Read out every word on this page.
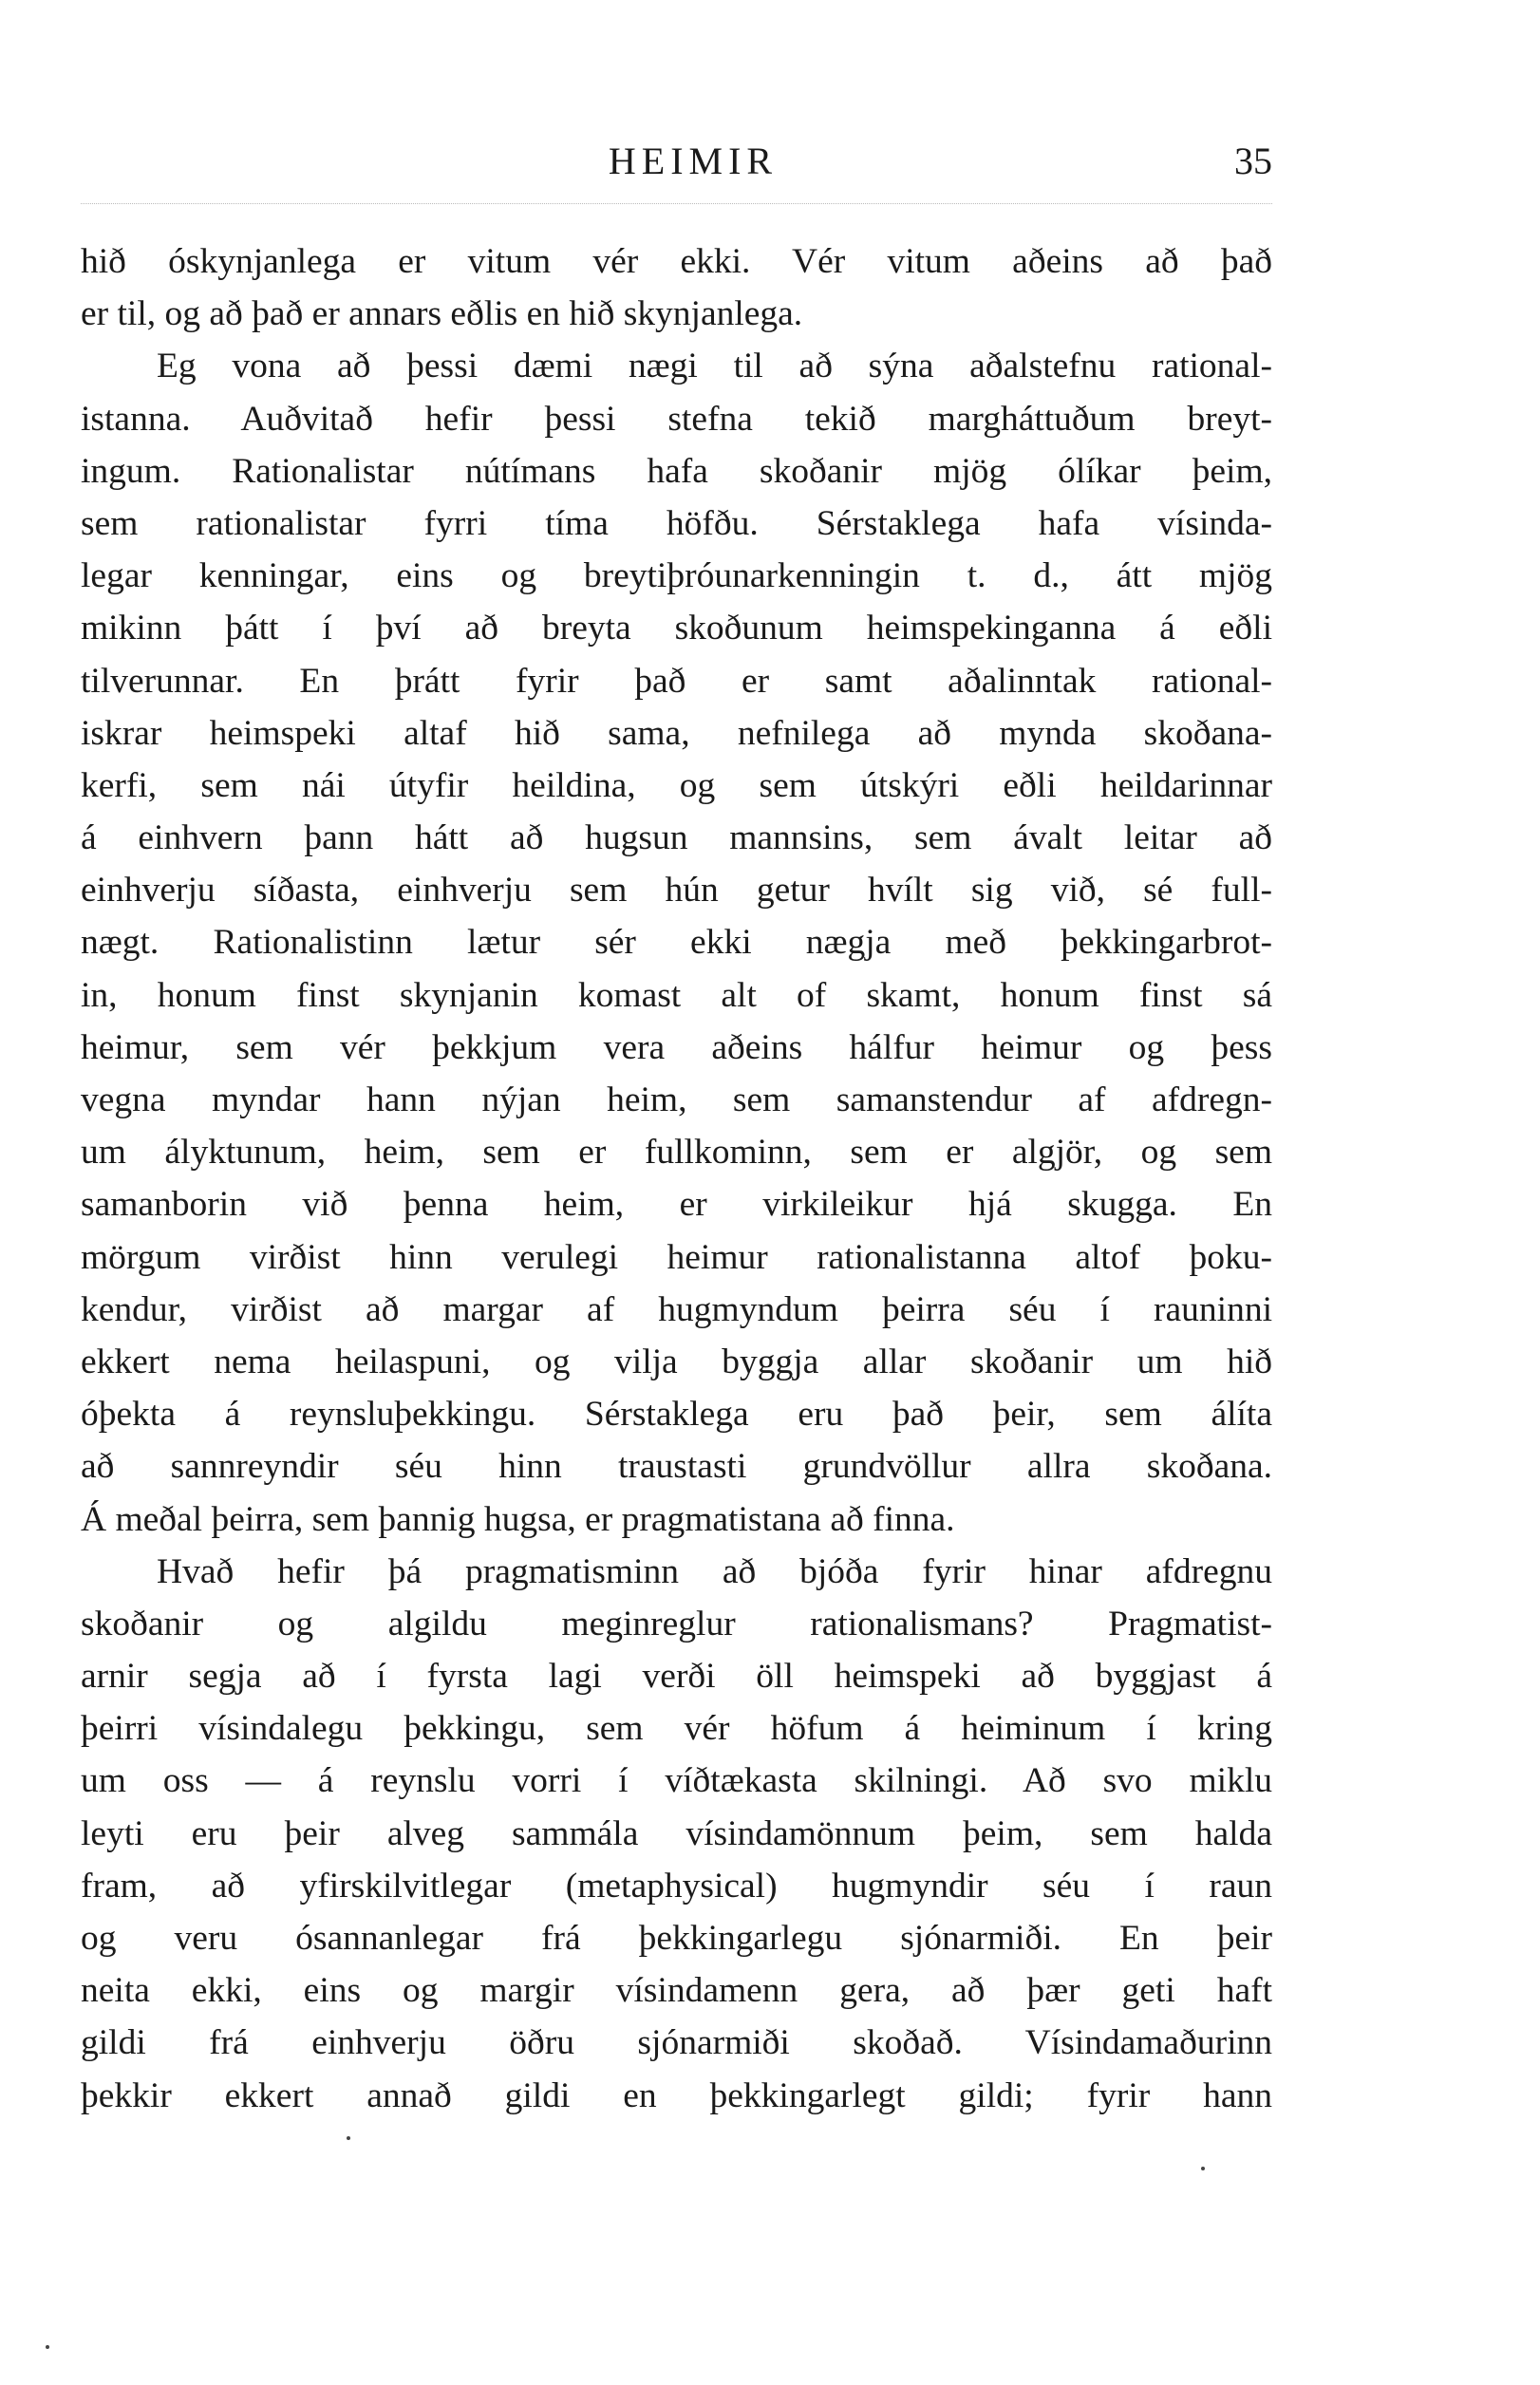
HEIMIR	35
hið óskynjanlega er vitum vér ekki. Vér vitum aðeins að það
er til, og að það er annars eðlis en hið skynjanlega.
Eg vona að þessi dæmi nægi til að sýna aðalstefnu rational-
istanna. Auðvitað hefir þessi stefna tekið margháttuðum breyt-
ingum. Rationalistar nútímans hafa skoðanir mjög ólíkar þeim,
sem rationalistar fyrri tíma höfðu. Sérstaklega hafa vísinda-
legar kenningar, eins og breytiþróunarkenningin t. d., átt mjög
mikinn þátt í því að breyta skoðunum heimspekinganna á eðli
tilverunnar. En þrátt fyrir það er samt aðalinntak rational-
iskrar heimspeki altaf hið sama, nefnilega að mynda skoðana-
kerfi, sem nái útyfir heildina, og sem útskýri eðli heildarinnar
á einhvern þann hátt að hugsun mannsins, sem ávalt leitar að
einhverju síðasta, einhverju sem hún getur hvílt sig við, sé full-
nægt. Rationalistinn lætur sér ekki nægja með þekkingarbrot-
in, honum finst skynjanin komast alt of skamt, honum finst sá
heimur, sem vér þekkjum vera aðeins hálfur heimur og þess
vegna myndar hann nýjan heim, sem samanstendur af afdregn-
um ályktunum, heim, sem er fullkominn, sem er algjör, og sem
samanborin við þenna heim, er virkileikur hjá skugga. En
mörgum virðist hinn verulegi heimur rationalistanna altof þoku-
kendur, virðist að margar af hugmyndum þeirra séu í rauninni
ekkert nema heilaspuni, og vilja byggja allar skoðanir um hið
óþekta á reynsluþekkingu. Sérstaklega eru það þeir, sem álíta
að sannreyndir séu hinn traustasti grundvöllur allra skoðana.
Á meðal þeirra, sem þannig hugsa, er pragmatistana að finna.
Hvað hefir þá pragmatisminn að bjóða fyrir hinar afdregnu
skoðanir og algildu meginreglur rationalismans? Pragmatist-
arnir segja að í fyrsta lagi verði öll heimspeki að byggjast á
þeirri vísindalegu þekkingu, sem vér höfum á heiminum í kring
um oss — á reynslu vorri í víðtækasta skilningi. Að svo miklu
leyti eru þeir alveg sammála vísindamönnum þeim, sem halda
fram, að yfirskilvitlegar (metaphysical) hugmyndir séu í raun
og veru ósannanlegar frá þekkingarlegu sjónarmiði. En þeir
neita ekki, eins og margir vísindamenn gera, að þær geti haft
gildi frá einhverju öðru sjónarmiði skoðað. Vísindamaðurinn
þekkir ekkert annað gildi en þekkingarlegt gildi; fyrir hann
